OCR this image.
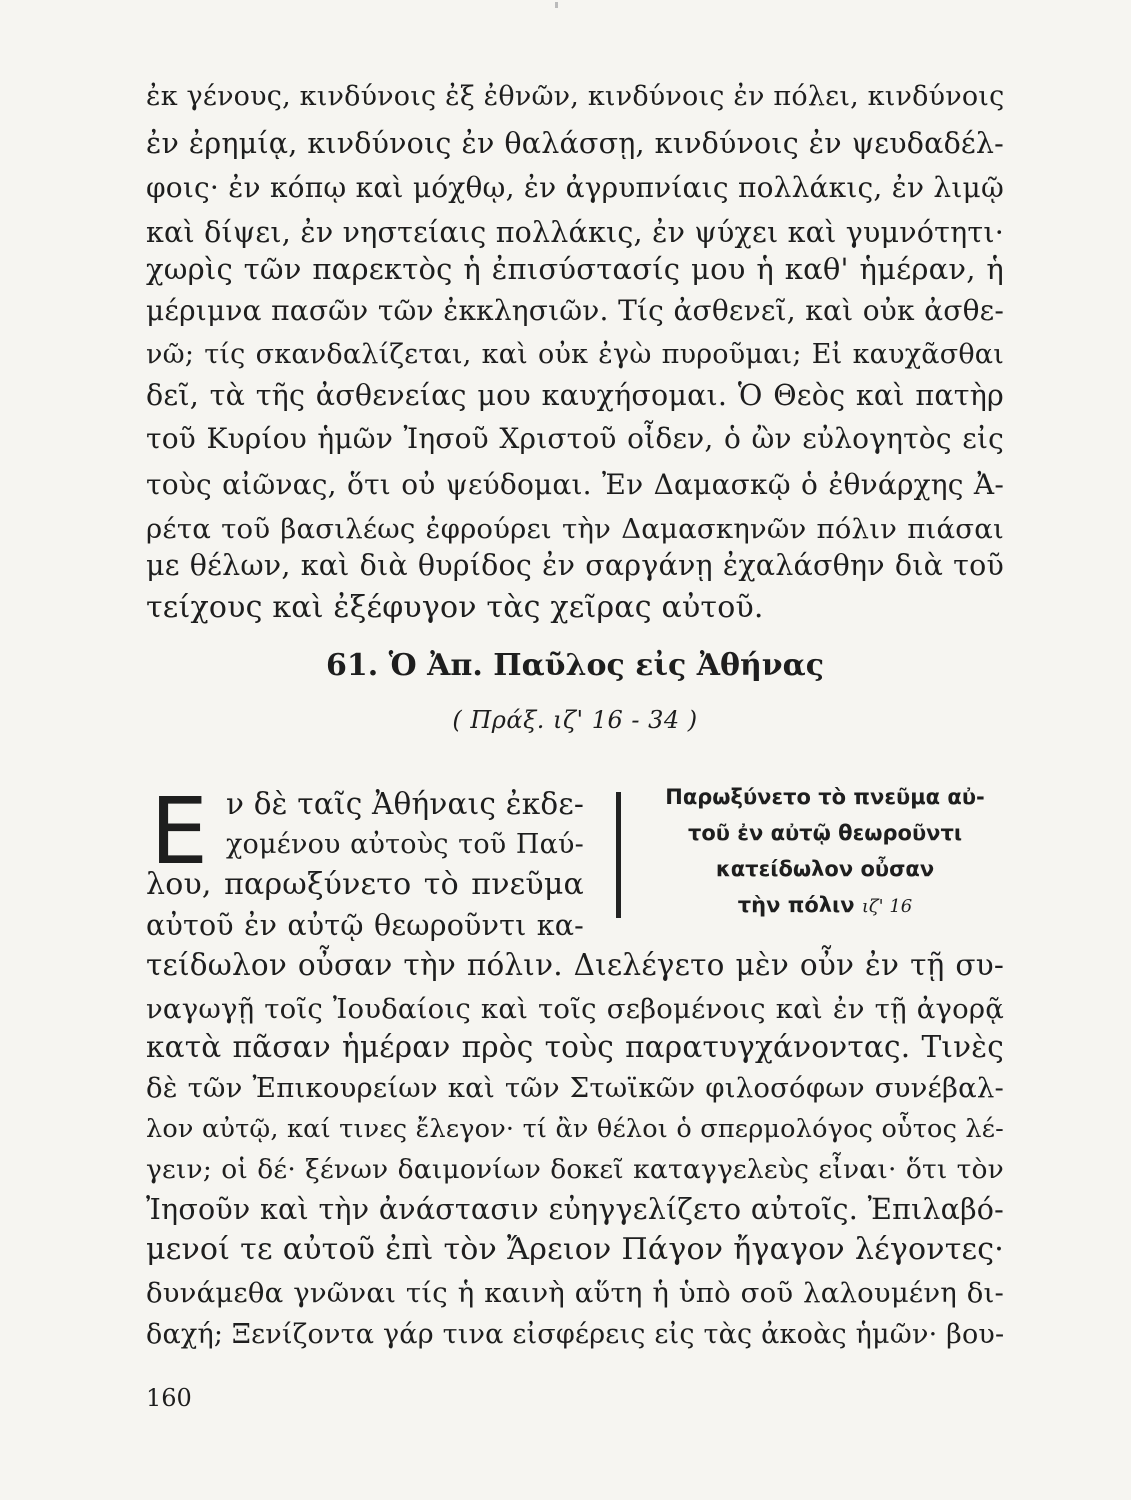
ἐκ γένους, κινδύνοις ἐξ ἐθνῶν, κινδύνοις ἐν πόλει, κινδύνοις
ἐν ἐρημίᾳ, κινδύνοις ἐν θαλάσσῃ, κινδύνοις ἐν ψευδαδέλ-
φοις· ἐν κόπῳ καὶ μόχθῳ, ἐν ἀγρυπνίαις πολλάκις, ἐν λιμῷ
καὶ δίψει, ἐν νηστείαις πολλάκις, ἐν ψύχει καὶ γυμνότητι·
χωρὶς τῶν παρεκτὸς ἡ ἐπισύστασίς μου ἡ καθ' ἡμέραν, ἡ
μέριμνα πασῶν τῶν ἐκκλησιῶν. Τίς ἀσθενεῖ, καὶ οὐκ ἀσθε-
νῶ; τίς σκανδαλίζεται, καὶ οὐκ ἐγὼ πυροῦμαι; Εἰ καυχᾶσθαι
δεῖ, τὰ τῆς ἀσθενείας μου καυχήσομαι. Ὁ Θεὸς καὶ πατὴρ
τοῦ Κυρίου ἡμῶν Ἰησοῦ Χριστοῦ οἶδεν, ὁ ὢν εὐλογητὸς εἰς
τοὺς αἰῶνας, ὅτι οὐ ψεύδομαι. Ἐν Δαμασκῷ ὁ ἐθνάρχης Ἀ-
ρέτα τοῦ βασιλέως ἐφρούρει τὴν Δαμασκηνῶν πόλιν πιάσαι
με θέλων, καὶ διὰ θυρίδος ἐν σαργάνῃ ἐχαλάσθην διὰ τοῦ
τείχους καὶ ἐξέφυγον τὰς χεῖρας αὐτοῦ.
61. Ὁ Ἀπ. Παῦλος εἰς Ἀθήνας
( Πράξ. ιζ' 16 - 34 )
Ε ν δὲ ταῖς Ἀθήναις ἐκδε-
χομένου αὐτοὺς τοῦ Παύ-
λου, παρωξύνετο τὸ πνεῦμα
αὐτοῦ ἐν αὐτῷ θεωροῦντι κα-
Παρωξύνετο τὸ πνεῦμα αὐ-
τοῦ ἐν αὐτῷ θεωροῦντι
κατείδωλον οὖσαν
τὴν πόλιν ιζ' 16
τείδωλον οὖσαν τὴν πόλιν. Διελέγετο μὲν οὖν ἐν τῇ συ-
ναγωγῇ τοῖς Ἰουδαίοις καὶ τοῖς σεβομένοις καὶ ἐν τῇ ἀγορᾷ
κατὰ πᾶσαν ἡμέραν πρὸς τοὺς παρατυγχάνοντας. Τινὲς
δὲ τῶν Ἐπικουρείων καὶ τῶν Στωϊκῶν φιλοσόφων συνέβαλ-
λον αὐτῷ, καί τινες ἔλεγον· τί ἂν θέλοι ὁ σπερμολόγος οὗτος λέ-
γειν; οἱ δέ· ξένων δαιμονίων δοκεῖ καταγγελεὺς εἶναι· ὅτι τὸν
Ἰησοῦν καὶ τὴν ἀνάστασιν εὐηγγελίζετο αὐτοῖς. Ἐπιλαβό-
μενοί τε αὐτοῦ ἐπὶ τὸν Ἄρειον Πάγον ἤγαγον λέγοντες·
δυνάμεθα γνῶναι τίς ἡ καινὴ αὕτη ἡ ὑπὸ σοῦ λαλουμένη δι-
δαχή; Ξενίζοντα γάρ τινα εἰσφέρεις εἰς τὰς ἀκοὰς ἡμῶν· βου-
160
